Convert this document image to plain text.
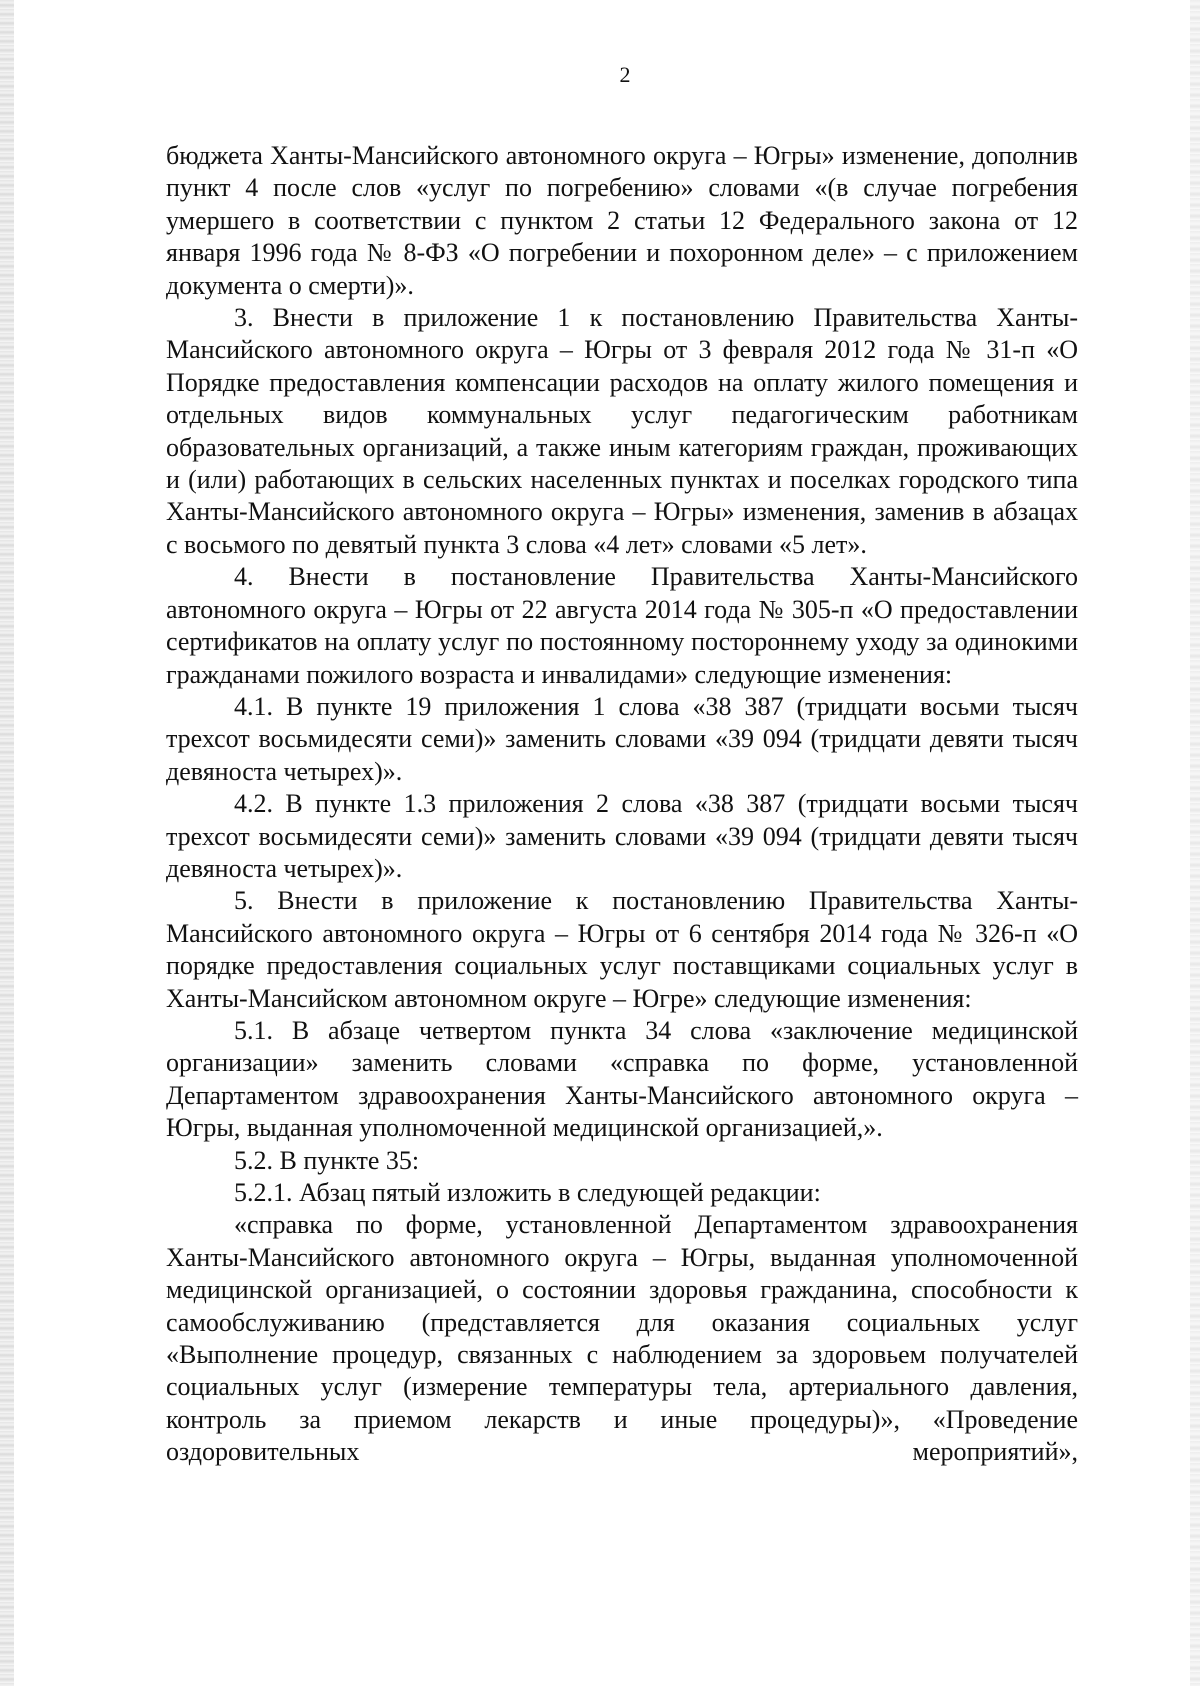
2

бюджета Ханты-Мансийского автономного округа – Югры» изменение, дополнив пункт 4 после слов «услуг по погребению» словами «(в случае погребения умершего в соответствии с пунктом 2 статьи 12 Федерального закона от 12 января 1996 года № 8-ФЗ «О погребении и похоронном деле» – с приложением документа о смерти)».

3. Внести в приложение 1 к постановлению Правительства Ханты-Мансийского автономного округа – Югры от 3 февраля 2012 года № 31-п «О Порядке предоставления компенсации расходов на оплату жилого помещения и отдельных видов коммунальных услуг педагогическим работникам образовательных организаций, а также иным категориям граждан, проживающих и (или) работающих в сельских населенных пунктах и поселках городского типа Ханты-Мансийского автономного округа – Югры» изменения, заменив в абзацах с восьмого по девятый пункта 3 слова «4 лет» словами «5 лет».

4. Внести в постановление Правительства Ханты-Мансийского автономного округа – Югры от 22 августа 2014 года № 305-п «О предоставлении сертификатов на оплату услуг по постоянному постороннему уходу за одинокими гражданами пожилого возраста и инвалидами» следующие изменения:

4.1. В пункте 19 приложения 1 слова «38 387 (тридцати восьми тысяч трехсот восьмидесяти семи)» заменить словами «39 094 (тридцати девяти тысяч девяноста четырех)».

4.2. В пункте 1.3 приложения 2 слова «38 387 (тридцати восьми тысяч трехсот восьмидесяти семи)» заменить словами «39 094 (тридцати девяти тысяч девяноста четырех)».

5. Внести в приложение к постановлению Правительства Ханты-Мансийского автономного округа – Югры от 6 сентября 2014 года № 326-п «О порядке предоставления социальных услуг поставщиками социальных услуг в Ханты-Мансийском автономном округе – Югре» следующие изменения:

5.1. В абзаце четвертом пункта 34 слова «заключение медицинской организации» заменить словами «справка по форме, установленной Департаментом здравоохранения Ханты-Мансийского автономного округа – Югры, выданная уполномоченной медицинской организацией,».

5.2. В пункте 35:

5.2.1. Абзац пятый изложить в следующей редакции:

«справка по форме, установленной Департаментом здравоохранения Ханты-Мансийского автономного округа – Югры, выданная уполномоченной медицинской организацией, о состоянии здоровья гражданина, способности к самообслуживанию (представляется для оказания социальных услуг «Выполнение процедур, связанных с наблюдением за здоровьем получателей социальных услуг (измерение температуры тела, артериального давления, контроль за приемом лекарств и иные процедуры)», «Проведение оздоровительных мероприятий»,
